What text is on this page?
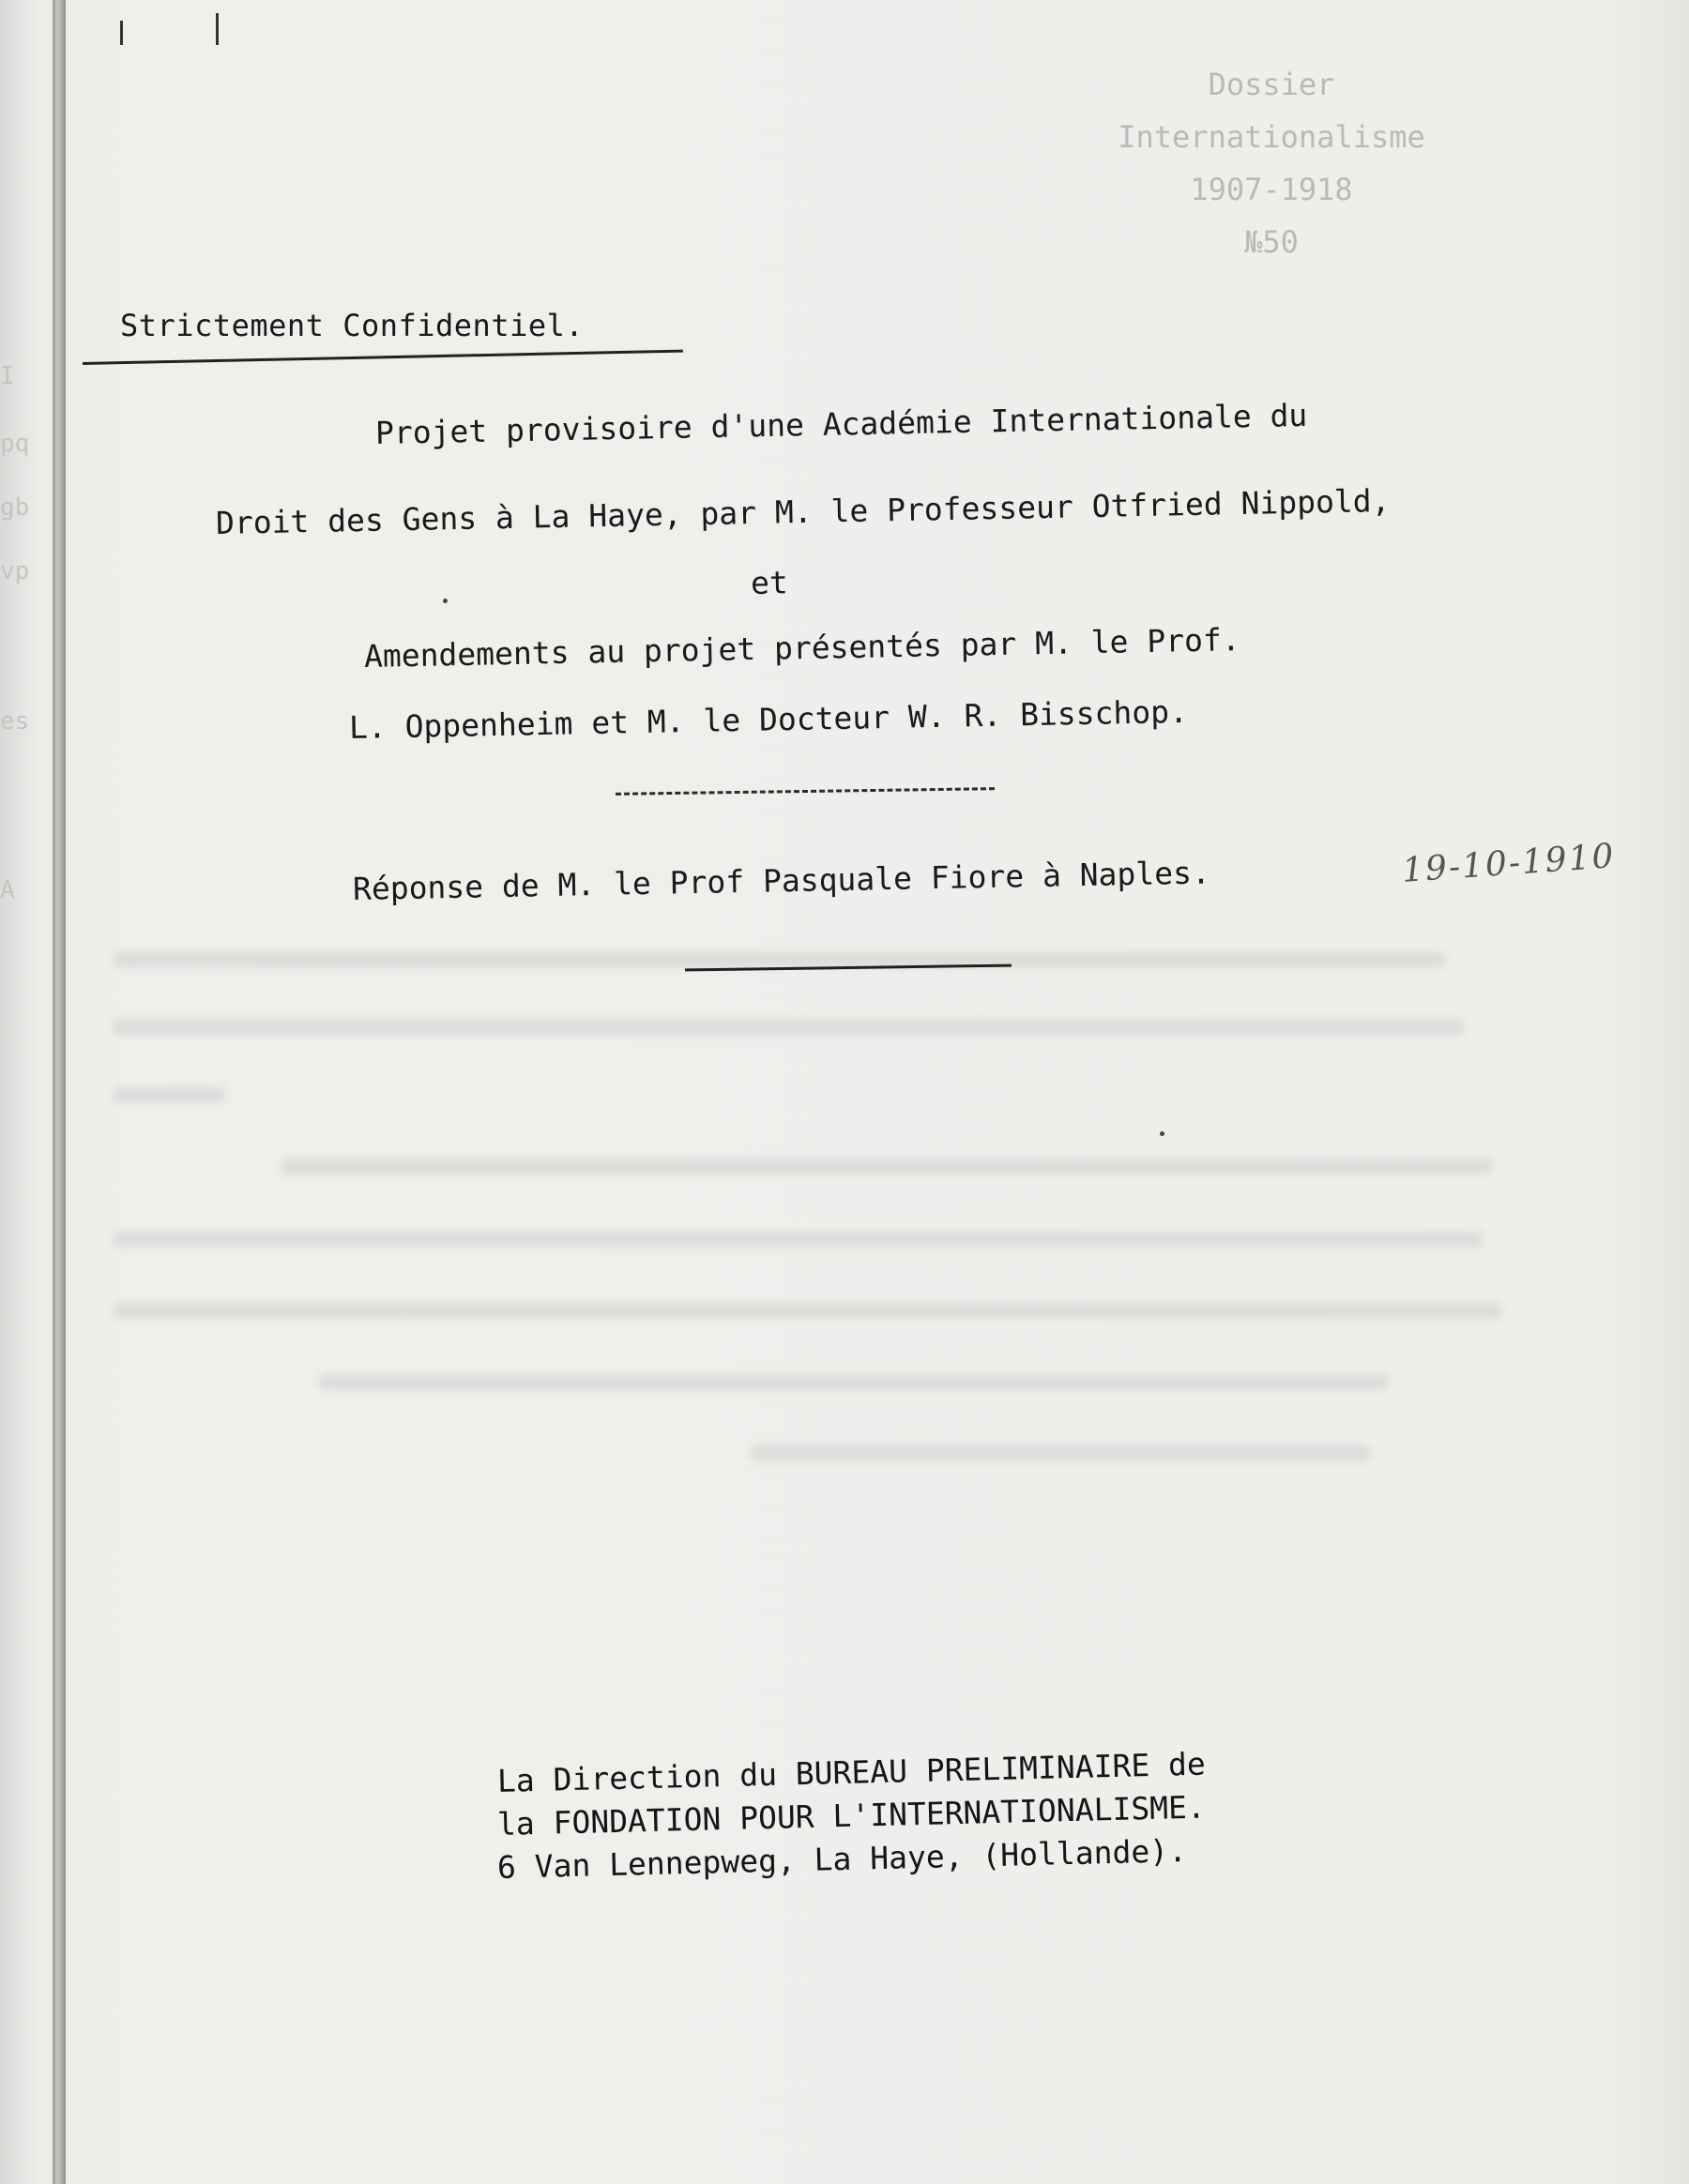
I
pq
gb
vp
es
A
Dossier
Internationalisme
1907-1918
№50
Strictement Confidentiel.
Projet provisoire d'une Académie Internationale du
Droit des Gens à La Haye, par M. le Professeur Otfried Nippold,
et
Amendements au projet présentés par M. le Prof.
L. Oppenheim et M. le Docteur W. R. Bisschop.
Réponse de M. le Prof Pasquale Fiore à Naples.	19-10-1910
La Direction du BUREAU PRELIMINAIRE de
la FONDATION POUR L'INTERNATIONALISME.
6 Van Lennepweg, La Haye, (Hollande).
